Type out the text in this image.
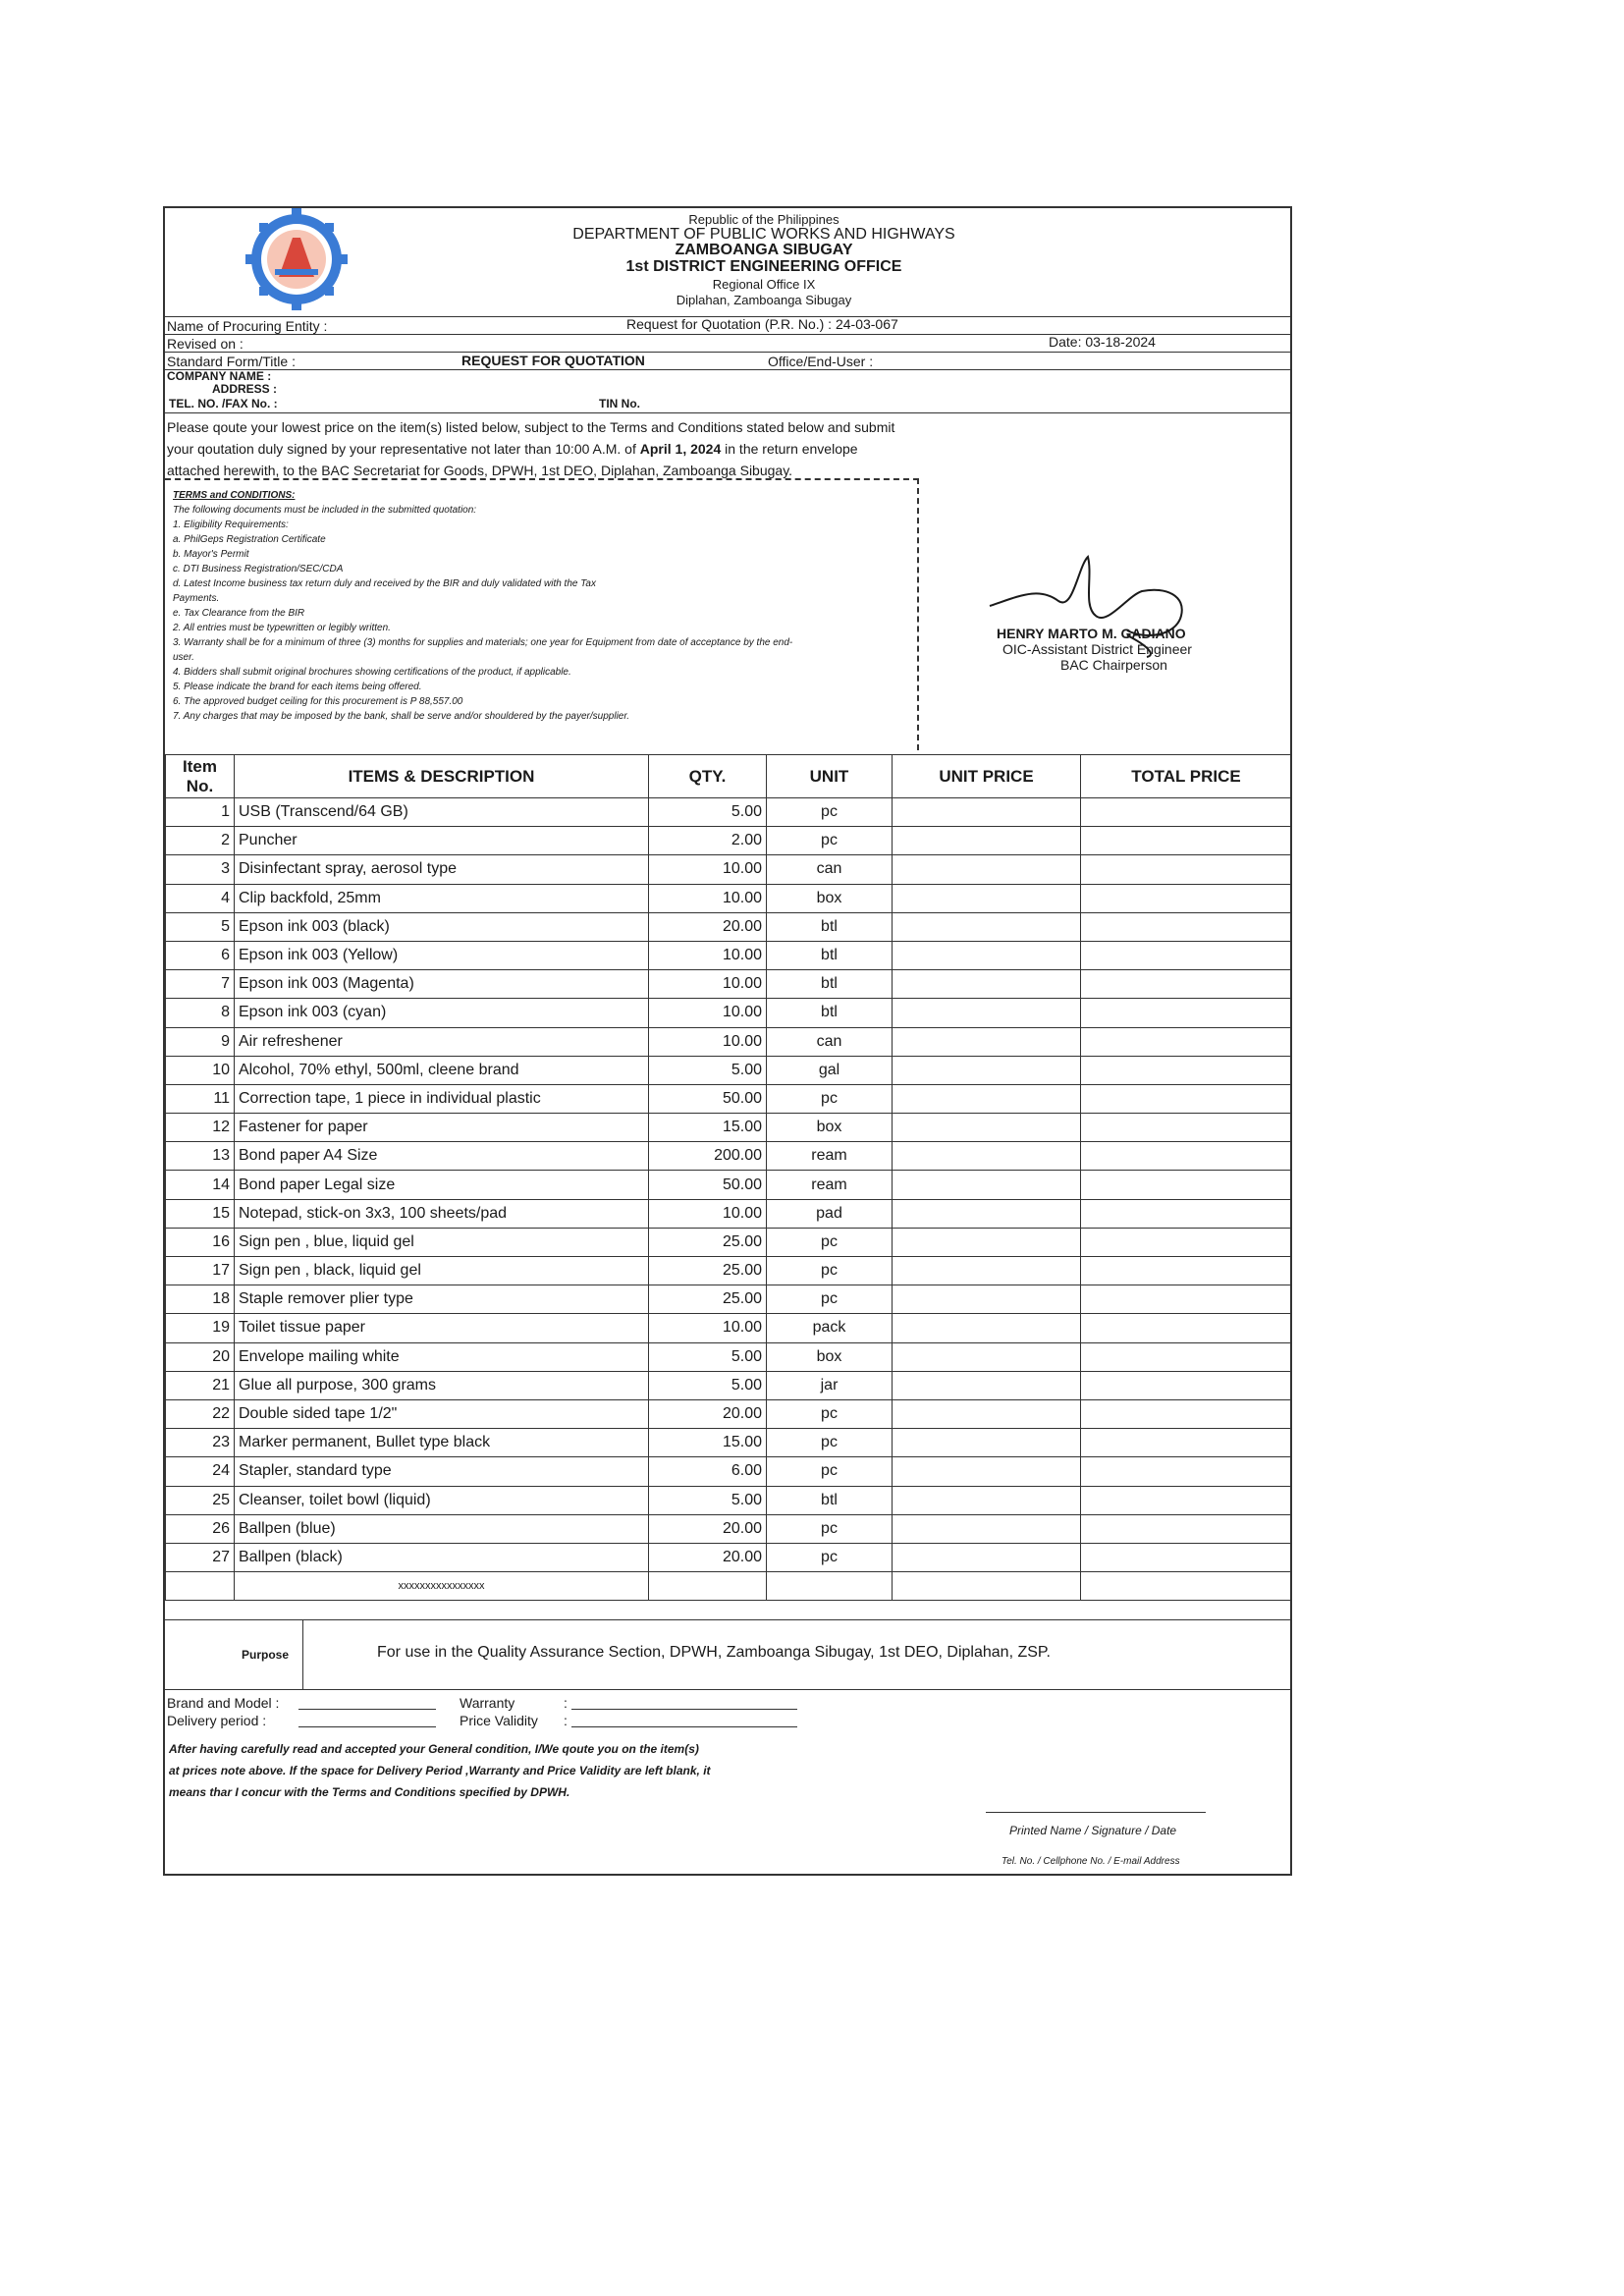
Republic of the Philippines
DEPARTMENT OF PUBLIC WORKS AND HIGHWAYS
ZAMBOANGA SIBUGAY
1st DISTRICT ENGINEERING OFFICE
Regional Office IX
Diplahan, Zamboanga Sibugay
Name of Procuring Entity :	Request for Quotation (P.R. No.) : 24-03-067
Revised on :	Date: 03-18-2024
Standard Form/Title :	REQUEST FOR QUOTATION	Office/End-User :
COMPANY NAME :
ADDRESS :
TEL. NO. /FAX No. :	TIN No.
Please qoute your lowest price on the item(s) listed below, subject to the Terms and Conditions stated below and submit
your qoutation duly signed by your representative not later than 10:00 A.M. of April 1, 2024 in the return envelope
attached herewith, to the BAC Secretariat for Goods, DPWH, 1st DEO, Diplahan, Zamboanga Sibugay.
TERMS and CONDITIONS:
The following documents must be included in the submitted quotation:
1. Eligibility Requirements:
a. PhilGeps Registration Certificate
b. Mayor's Permit
c. DTI Business Registration/SEC/CDA
d. Latest Income business tax return duly and received by the BIR and duly validated with the Tax
Payments.
e. Tax Clearance from the BIR
2. All entries must be typewritten or legibly written.
3. Warranty shall be for a minimum of three (3) months for supplies and materials; one year for Equipment from date of acceptance by the end-
user.
4. Bidders shall submit original brochures showing certifications of the product, if applicable.
5. Please indicate the brand for each items being offered.
6. The approved budget ceiling for this procurement is P 88,557.00
7. Any charges that may be imposed by the bank, shall be serve and/or shouldered by the payer/supplier.
HENRY MARTO M. GADIANO
OIC-Assistant District Engineer
BAC Chairperson
Item No.	ITEMS & DESCRIPTION	QTY.	UNIT	UNIT PRICE	TOTAL PRICE
1	USB (Transcend/64 GB)	5.00	pc		
2	Puncher	2.00	pc		
3	Disinfectant spray, aerosol type	10.00	can		
4	Clip backfold, 25mm	10.00	box		
5	Epson ink 003 (black)	20.00	btl		
6	Epson ink 003 (Yellow)	10.00	btl		
7	Epson ink 003 (Magenta)	10.00	btl		
8	Epson ink 003 (cyan)	10.00	btl		
9	Air refreshener	10.00	can		
10	Alcohol, 70% ethyl, 500ml, cleene brand	5.00	gal		
11	Correction tape, 1 piece in individual plastic	50.00	pc		
12	Fastener for paper	15.00	box		
13	Bond paper A4 Size	200.00	ream		
14	Bond paper Legal size	50.00	ream		
15	Notepad, stick-on 3x3, 100 sheets/pad	10.00	pad		
16	Sign pen , blue, liquid gel	25.00	pc		
17	Sign pen , black, liquid gel	25.00	pc		
18	Staple remover plier type	25.00	pc		
19	Toilet tissue paper	10.00	pack		
20	Envelope mailing white	5.00	box		
21	Glue all purpose, 300 grams	5.00	jar		
22	Double sided tape 1/2"	20.00	pc		
23	Marker permanent, Bullet type black	15.00	pc		
24	Stapler, standard type	6.00	pc		
25	Cleanser, toilet bowl (liquid)	5.00	btl		
26	Ballpen (blue)	20.00	pc		
27	Ballpen (black)	20.00	pc		
	xxxxxxxxxxxxxxxx				
Purpose	For use in the Quality Assurance Section, DPWH, Zamboanga Sibugay, 1st DEO, Diplahan, ZSP.
Brand and Model :
Delivery period :
Warranty	:
Price Validity :
After having carefully read and accepted your General condition, I/We qoute you on the item(s)
at prices note above. If the space for Delivery Period ,Warranty and Price Validity are left blank, it
means thar I concur with the Terms and Conditions specified by DPWH.
Printed Name / Signature / Date
Tel. No. / Cellphone No. / E-mail Address
